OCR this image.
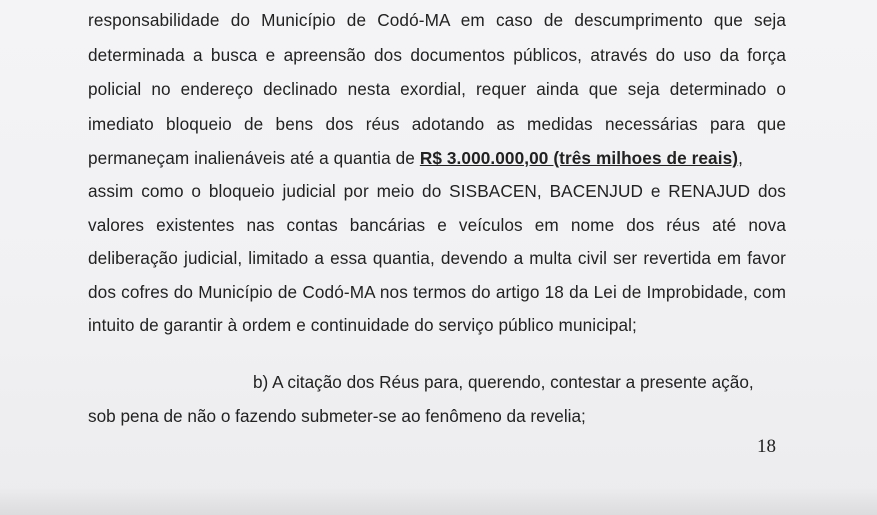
responsabilidade do Município de Codó-MA em caso de descumprimento que seja
determinada a busca e apreensão dos documentos públicos, através do uso da força
policial no endereço declinado nesta exordial, requer ainda que seja determinado o
imediato bloqueio de bens dos réus adotando as medidas necessárias para que
permaneçam inalienáveis até a quantia de R$ 3.000.000,00 (três milhoes de reais),
assim como o bloqueio judicial por meio do SISBACEN, BACENJUD e RENAJUD dos
valores existentes nas contas bancárias e veículos em nome dos réus até nova
deliberação judicial, limitado a essa quantia, devendo a multa civil ser revertida em favor
dos cofres do Município de Codó-MA nos termos do artigo 18 da Lei de Improbidade, com
intuito de garantir à ordem e continuidade do serviço público municipal;
b) A citação dos Réus para, querendo, contestar a presente ação,
sob pena de não o fazendo submeter-se ao fenômeno da revelia;
18
